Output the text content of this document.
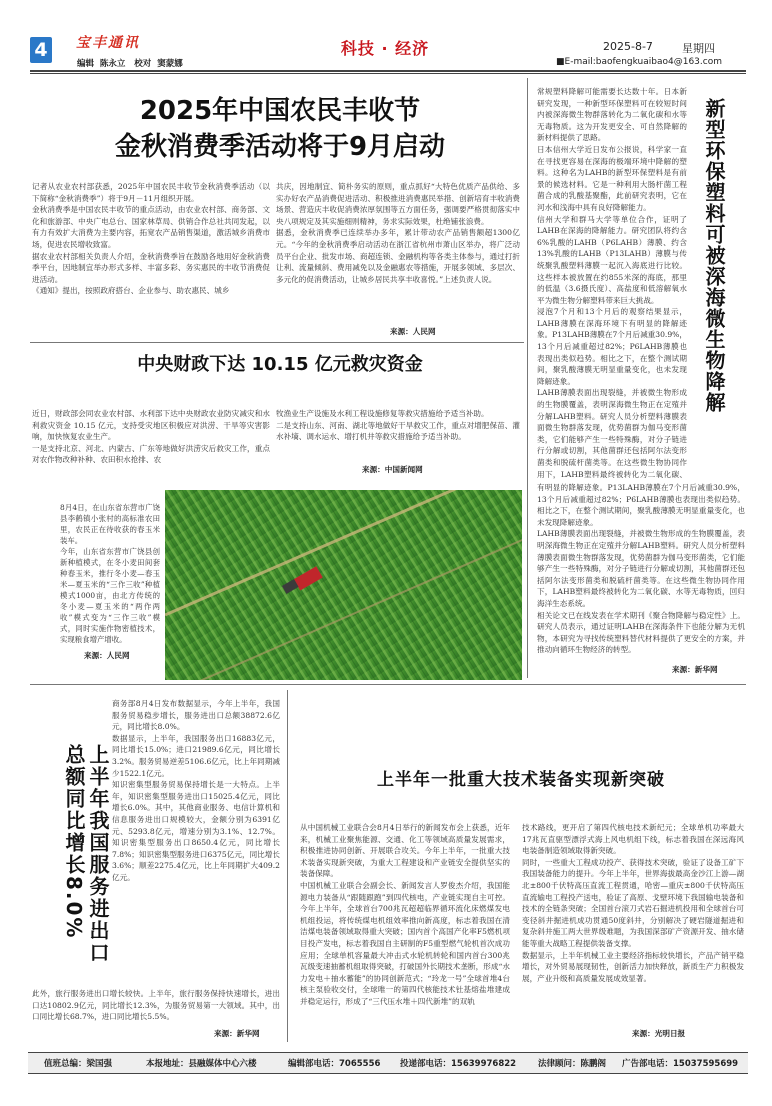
4	宝丰通讯
编辑  陈永立   校对  窦蒙娜
科技 · 经济	2025-8-7	星期四
■E-mail:baofengkuaibao4@163.com
2025年中国农民丰收节
金秋消费季活动将于9月启动
记者从农业农村部获悉，2025年中国农民丰收节金秋消费季活动（以下简称“金秋消费季”）将于9月－11月组织开展。
金秋消费季是中国农民丰收节的重点活动，由农业农村部、商务部、文化和旅游部、中央广电总台、国家林草局、供销合作总社共同发起，以有力有效扩大消费为主要内容，拓宽农产品销售渠道，激活城乡消费市场，促进农民增收致富。
据农业农村部相关负责人介绍，金秋消费季旨在鼓励各地用好金秋消费季平台，因地制宜举办形式多样、丰富多彩、务实惠民的丰收节消费促进活动。
《通知》提出，按照政府搭台、企业参与、助农惠民、城乡
共庆，因地制宜、简朴务实的原则，重点抓好“大特色优质产品供给、多实办好农产品消费促进活动、积极推进消费惠民举措、创新培育丰收消费场景、营造庆丰收促消费浓厚氛围等五方面任务，强调要严格贯彻落实中央八项规定及其实施细则精神，务求实际效果，杜绝铺张浪费。
据悉，金秋消费季已连续举办多年，累计带动农产品销售额超1300亿元。“今年的金秋消费季启动活动在浙江省杭州市萧山区举办，将广泛动员平台企业、批发市场、商超连锁、金融机构等各类主体参与，通过打折让利、流量倾斜、费用减免以及金融惠农等措施，开展多领域、多层次、多元化的促消费活动，让城乡居民共享丰收喜悦。”上述负责人说。
来源：人民网
中央财政下达 10.15 亿元救灾资金
近日，财政部会同农业农村部、水利部下达中央财政农业防灾减灾和水利救灾资金 10.15 亿元，支持受灾地区积极应对洪涝、干旱等灾害影响，加快恢复农业生产。
一是支持北京、河北、内蒙古、广东等地做好洪涝灾后救灾工作，重点对农作物改种补种、农田积水抢排、农
牧渔业生产设施及水利工程设施修复等救灾措施给予适当补助。
二是支持山东、河南、湖北等地做好干旱救灾工作，重点对增肥保苗、灌水补墒、调水运水、增打机井等救灾措施给予适当补助。
来源：中国新闻网
8月4日，在山东省东营市广饶县李鹤镇小张村的高标准农田里，农民正在待收获的春玉米装车。
今年，山东省东营市广饶县创新种植模式，在冬小麦田间套种春玉米，推行冬小麦—春玉米—夏玉米的“三作三收”种植模式1000亩，由北方传统的冬小麦—夏玉米的“两作两收”模式变为“三作三收”模式，同时实施作物密植技术，实现粮食增产增收。
来源：人民网
常规塑料降解可能需要长达数十年。日本新研究发现，一种新型环保塑料可在较短时间内被深海微生物群落转化为二氧化碳和水等无毒物质。这为开发更安全、可自然降解的新材料提供了思路。
日本信州大学近日发布公报说，科学家一直在寻找更容易在深海的极端环境中降解的塑料。这种名为LAHB的新型环保塑料是有前景的候选材料。它是一种利用大肠杆菌工程菌合成的乳酸基聚酯，此前研究表明，它在河水和浅海中具有良好降解能力。
信州大学和群马大学等单位合作，证明了LAHB在深海的降解能力。研究团队将约含6%乳酸的LAHB（P6LAHB）薄膜、约含13%乳酸的LAHB（P13LAHB）薄膜与传统聚乳酸塑料薄膜一起沉入海底进行比较。这些样本被放置在约855米深的海底，那里的低温（3.6摄氏度）、高盐度和低溶解氧水平为微生物分解塑料带来巨大挑战。
浸泡7个月和13个月后的观察结果显示，LAHB薄膜在深海环境下有明显的降解迹象。P13LAHB薄膜在7个月后减重30.9%，13个月后减重超过82%；P6LAHB薄膜也表现出类似趋势。相比之下，在整个测试期间，聚乳酸薄膜无明显重量变化，也未发现降解迹象。
LAHB薄膜表面出现裂缝，并被微生物形成的生物膜覆盖，表明深海微生物正在定殖并分解LAHB塑料。研究人员分析塑料薄膜表面微生物群落发现，优势菌群为伽马变形菌类，它们能够产生一些特殊酶，对分子链进行分解或切割，其他菌群还包括阿尔法变形菌类和脱硫杆菌类等。在这些微生物协同作用下，LAHB塑料最终被转化为二氧化碳、

新型环保塑料可被深海微生物降解
有明显的降解迹象。P13LAHB薄膜在7个月后减重30.9%，13个月后减重超过82%；P6LAHB薄膜也表现出类似趋势。相比之下，在整个测试期间，聚乳酸薄膜无明显重量变化，也未发现降解迹象。
LAHB薄膜表面出现裂缝，并被微生物形成的生物膜覆盖，表明深海微生物正在定殖并分解LAHB塑料。研究人员分析塑料薄膜表面微生物群落发现，优势菌群为伽马变形菌类，它们能够产生一些特殊酶，对分子链进行分解或切割，其他菌群还包括阿尔法变形菌类和脱硫杆菌类等。在这些微生物协同作用下，LAHB塑料最终被转化为二氧化碳、水等无毒物质，回归海洋生态系统。
相关论文已在线发表在学术期刊《聚合物降解与稳定性》上。研究人员表示，通过证明LAHB在深海条件下也能分解为无机物，本研究为寻找传统塑料替代材料提供了更安全的方案，并推动向循环生物经济的转型。
来源：新华网
上半年我国服务进出口总额同比增长8.0%
商务部8月4日发布数据显示，今年上半年，我国服务贸易稳步增长，服务进出口总额38872.6亿元，同比增长8.0%。
数据显示，上半年，我国服务出口16883亿元，同比增长15.0%；进口21989.6亿元，同比增长3.2%。服务贸易逆差5106.6亿元，比上年同期减少1522.1亿元。
知识密集型服务贸易保持增长是一大特点。上半年，知识密集型服务进出口15025.4亿元，同比增长6.0%。其中，其他商业服务、电信计算机和信息服务进出口规模较大，金额分别为6391亿元、5293.8亿元，增速分别为3.1%、12.7%。知识密集型服务出口8650.4亿元，同比增长7.8%；知识密集型服务进口6375亿元，同比增长3.6%；顺差2275.4亿元，比上年同期扩大409.2亿元。

此外，旅行服务进出口增长较快。上半年，旅行服务保持快速增长，进出口达10802.9亿元，同比增长12.3%，为服务贸易第一大领域。其中，出口同比增长68.7%，进口同比增长5.5%。
来源：新华网
上半年一批重大技术装备实现新突破
从中国机械工业联合会8月4日举行的新闻发布会上获悉，近年来，机械工业聚焦能源、交通、化工等领域高质量发展需求，积极推进协同创新、开展联合攻关。今年上半年，一批重大技术装备实现新突破，为重大工程建设和产业链安全提供坚实的装备保障。
中国机械工业联合会副会长、新闻发言人罗俊杰介绍，我国能源电力装备从“跟随跟跑”到四代核电，产业链实现自主可控。今年上半年，全球首台700兆瓦超超临界循环流化床燃煤发电机组投运，将传统煤电机组效率推向新高度，标志着我国在清洁煤电装备领域取得重大突破；国内首个高国产化率F5燃机项目投产发电，标志着我国自主研制的F5重型燃气轮机首次成功应用；全球单机容量最大冲击式水轮机转轮和国内首台300兆瓦级变速抽蓄机组取得突破，打破国外长期技术垄断，形成“水力发电＋抽水蓄能”的协同创新范式；“玲龙一号”全球首堆4台核主泵验收交付，全球唯一的第四代核能技术钍基熔盐堆建成并稳定运行，形成了“三代压水堆＋四代新堆”的双轨
技术路线，更开启了第四代核电技术新纪元；全球单机功率最大17兆瓦直驱型漂浮式海上风电机组下线，标志着我国在深远海风电装备制造领域取得新突破。
同时，一些重大工程成功投产、获得技术突破，验证了设备工矿下我国装备能力的提升。今年上半年，世界海拔最高金沙江上游—湖北±800千伏特高压直流工程贯通，哈密—重庆±800千伏特高压直流输电工程投产送电，验证了高原、戈壁环境下我国输电装备和技术的全链条突破；全国首台滚刀式岩石掘进机投用和全球首台可变径斜井掘进机成功贯通50度斜井，分别解决了硬岩隧道掘进和复杂斜井施工两大世界级难题，为我国深部矿产资源开发、抽水储能等重大战略工程提供装备支撑。
数据显示，上半年机械工业主要经济指标较快增长，产品产销平稳增长，对外贸易展现韧性，创新活力加快释放，新质生产力积极发展，产业升级和高质量发展成效显著。
来源：光明日报
值班总编：梁国强	本报地址：县融媒体中心六楼	编辑部电话：7065556 投递部电话：15639976822	法律顾问：陈鹏阁 广告部电话：15037595699
